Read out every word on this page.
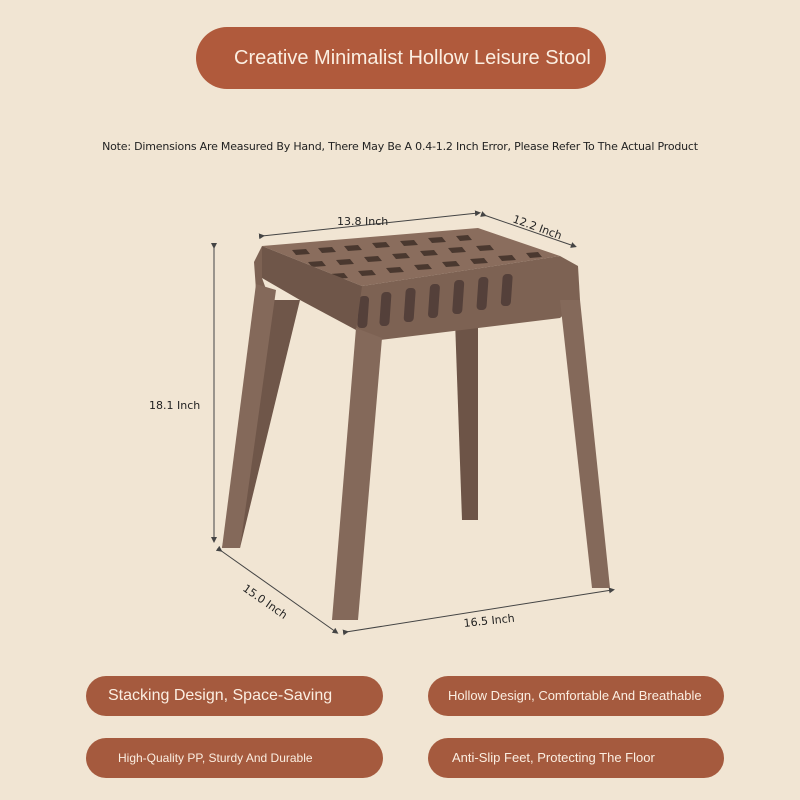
Creative Minimalist Hollow Leisure Stool
Note: Dimensions Are Measured By Hand, There May Be A 0.4-1.2 Inch Error, Please Refer To The Actual Product
13.8 Inch	12.2 Inch
18.1 Inch
15.0 Inch	16.5 Inch
Stacking Design, Space-Saving	Hollow Design, Comfortable And Breathable
High-Quality PP, Sturdy And Durable	Anti-Slip Feet, Protecting The Floor
